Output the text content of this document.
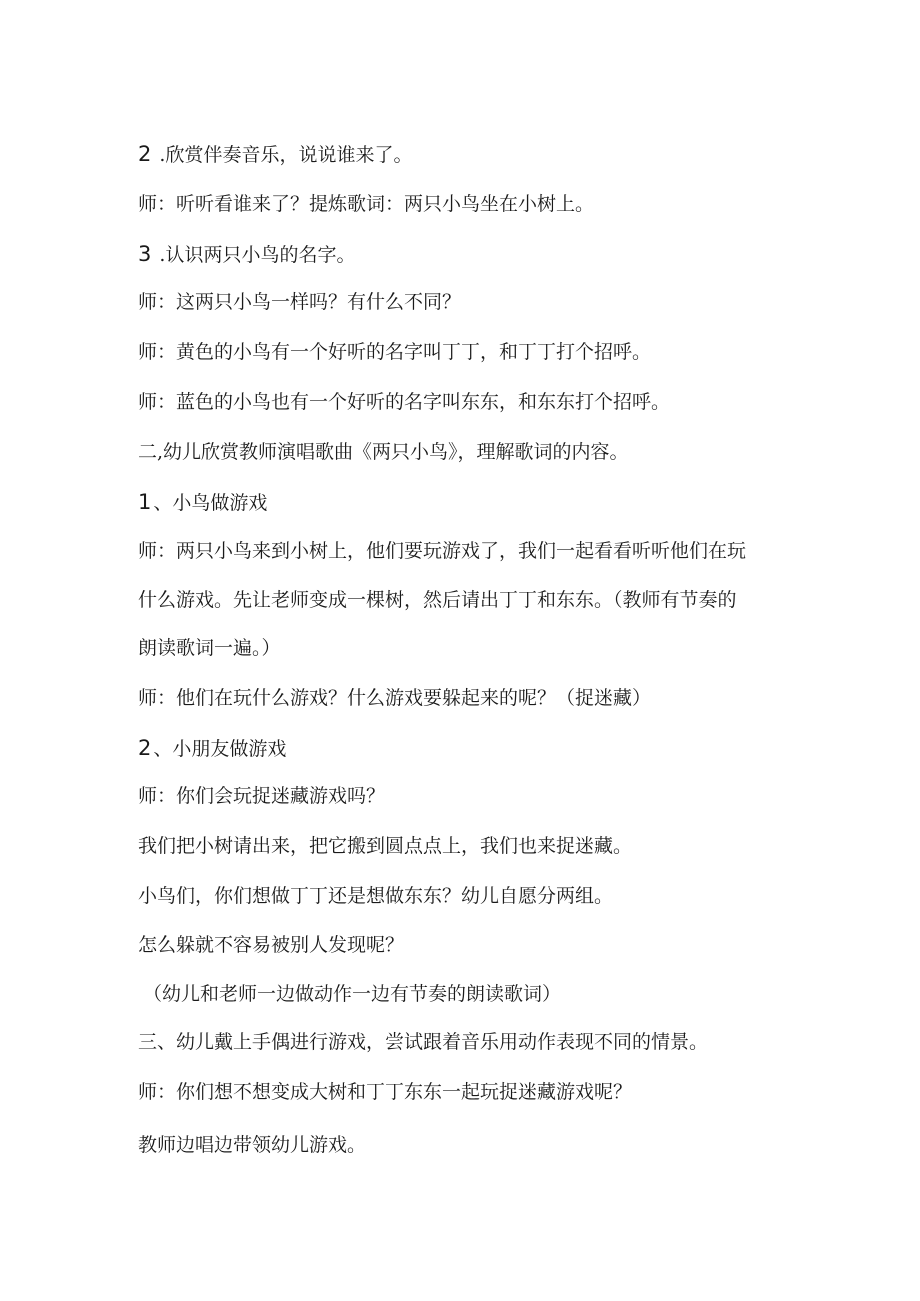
2 .欣赏伴奏音乐，说说谁来了。
师：听听看谁来了？提炼歌词：两只小鸟坐在小树上。
3 .认识两只小鸟的名字。
师：这两只小鸟一样吗？有什么不同？
师：黄色的小鸟有一个好听的名字叫丁丁，和丁丁打个招呼。
师：蓝色的小鸟也有一个好听的名字叫东东，和东东打个招呼。
二,幼儿欣赏教师演唱歌曲《两只小鸟》，理解歌词的内容。
1 、小鸟做游戏
师：两只小鸟来到小树上，他们要玩游戏了，我们一起看看听听他们在玩
什么游戏。先让老师变成一棵树，然后请出丁丁和东东。（教师有节奏的
朗读歌词一遍。）
师：他们在玩什么游戏？什么游戏要躲起来的呢？（捉迷藏）
2 、小朋友做游戏
师：你们会玩捉迷藏游戏吗？
我们把小树请出来，把它搬到圆点点上，我们也来捉迷藏。
小鸟们，你们想做丁丁还是想做东东？幼儿自愿分两组。
怎么躲就不容易被别人发现呢？
（幼儿和老师一边做动作一边有节奏的朗读歌词）
三、幼儿戴上手偶进行游戏，尝试跟着音乐用动作表现不同的情景。
师：你们想不想变成大树和丁丁东东一起玩捉迷藏游戏呢？
教师边唱边带领幼儿游戏。
